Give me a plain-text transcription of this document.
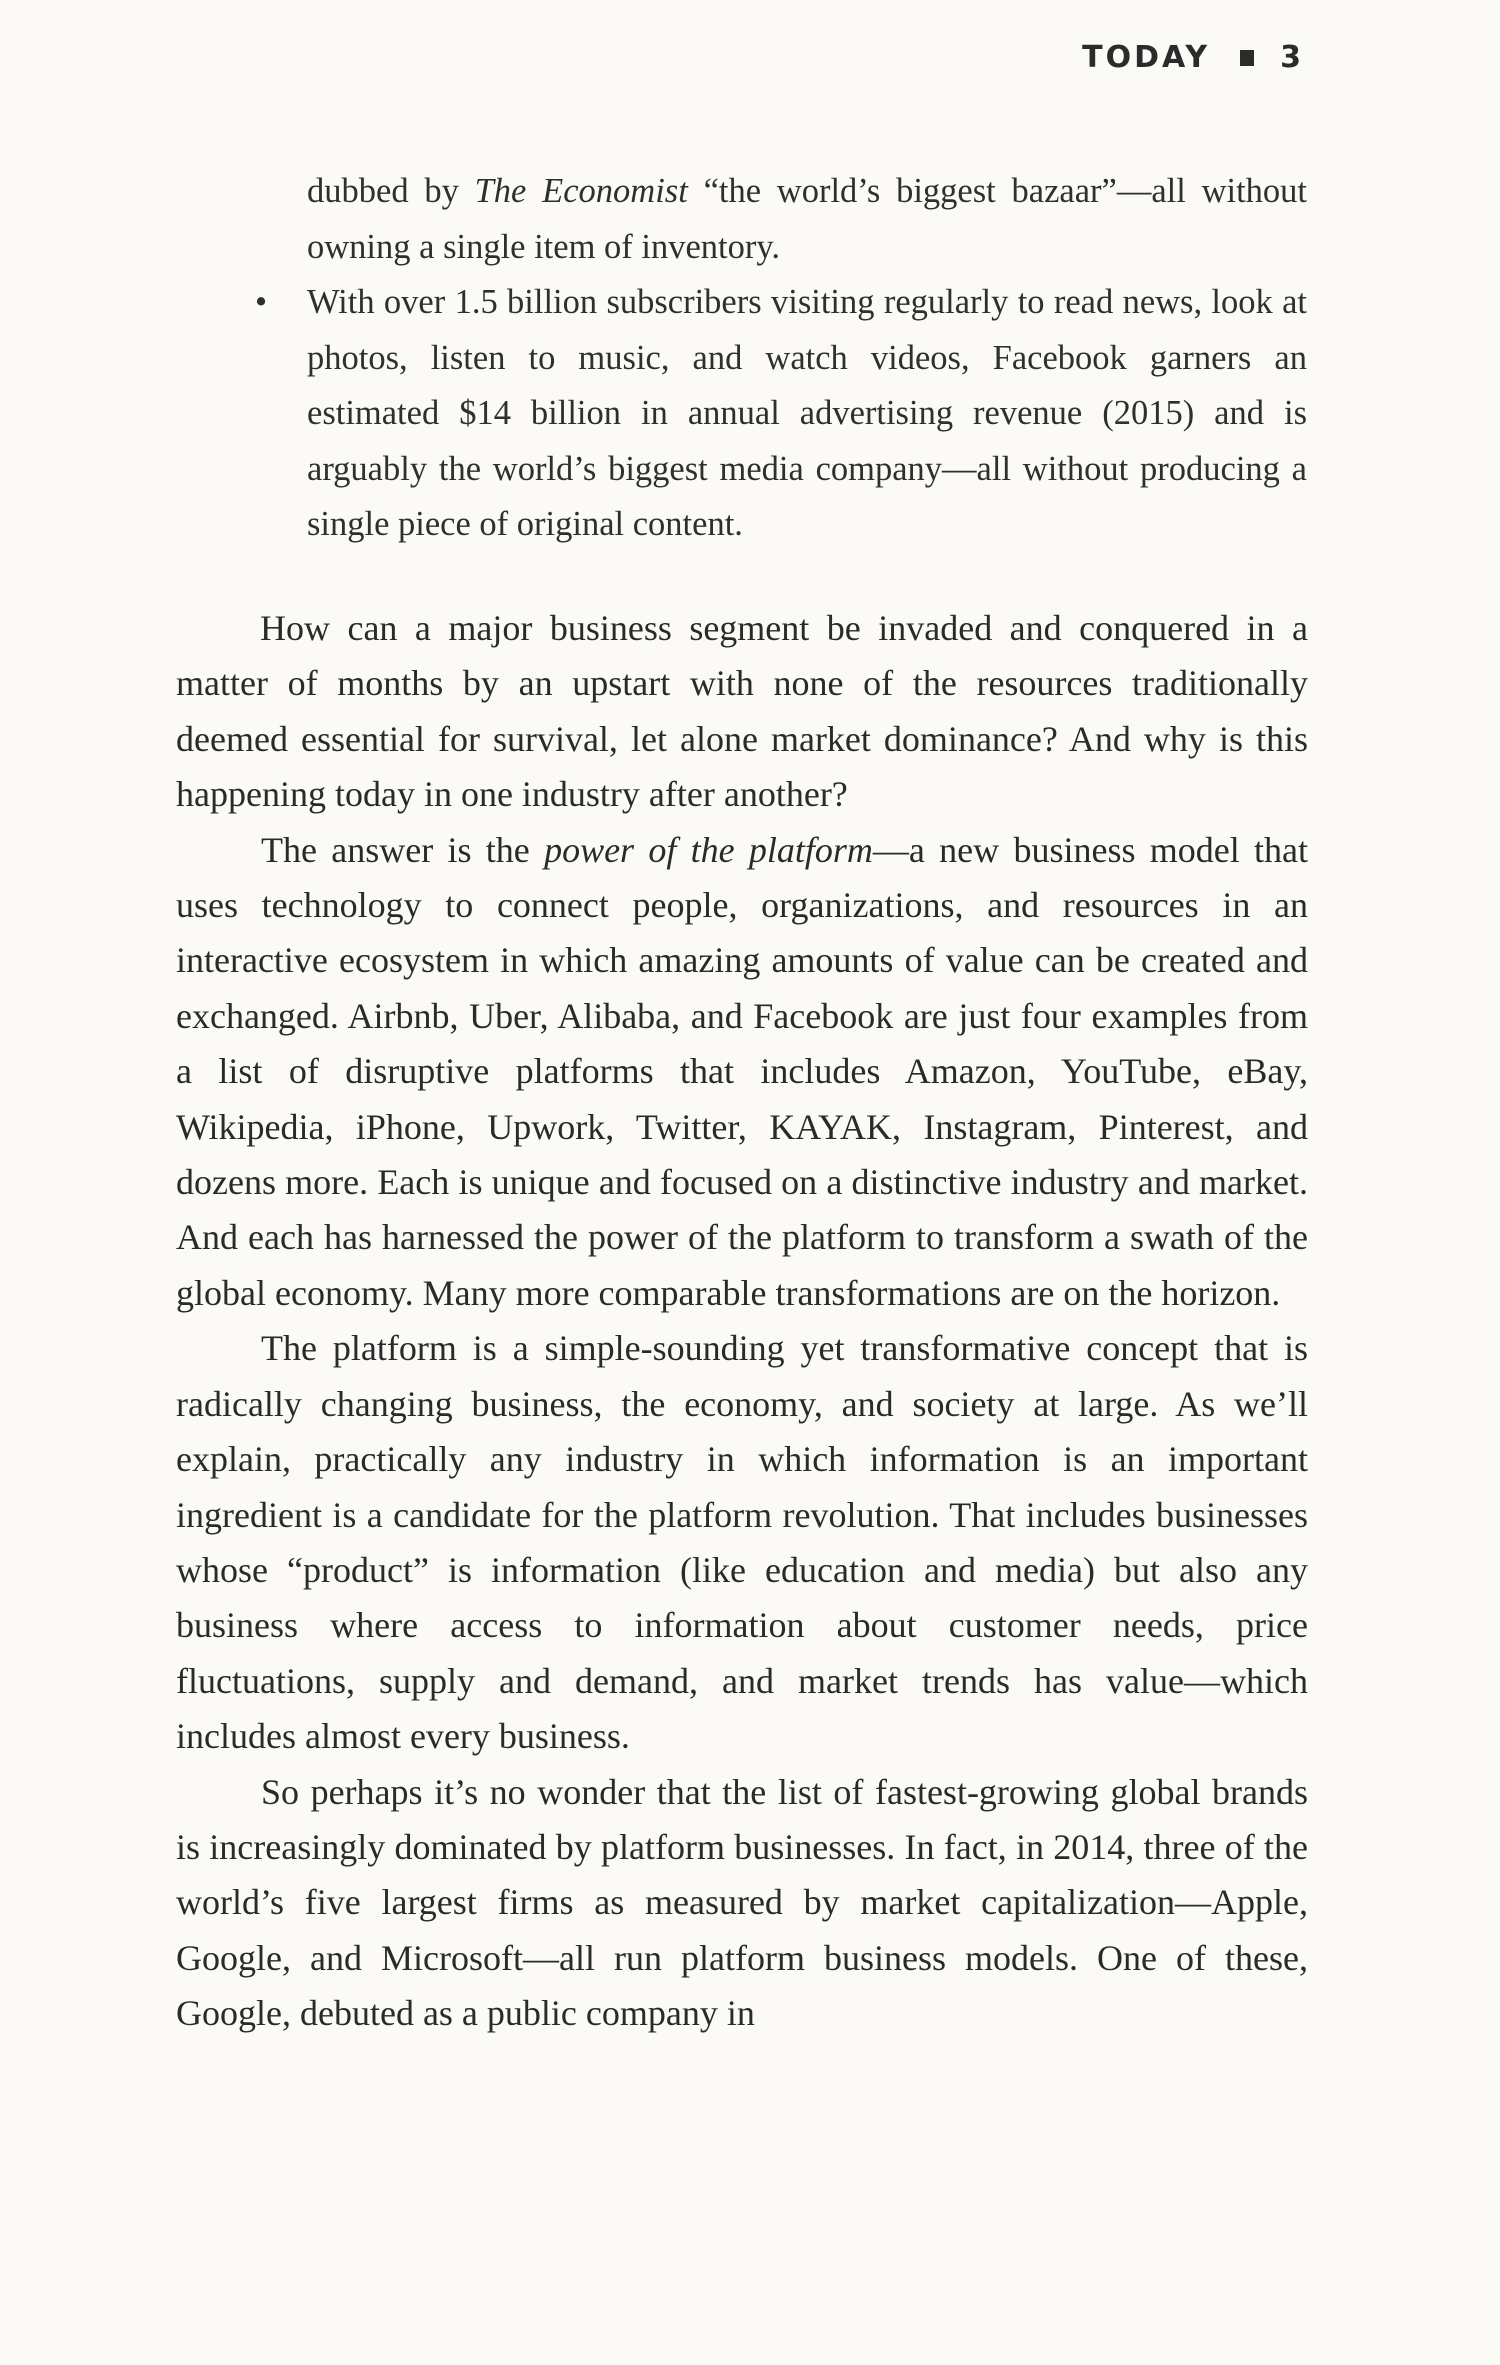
TODAY 3

dubbed by The Economist “the world’s biggest bazaar”—all without owning a single item of inventory.

•	With over 1.5 billion subscribers visiting regularly to read news, look at photos, listen to music, and watch videos, Facebook garners an estimated $14 billion in annual advertising revenue (2015) and is arguably the world’s biggest media company—all without producing a single piece of original content.

How can a major business segment be invaded and conquered in a matter of months by an upstart with none of the resources traditionally deemed essential for survival, let alone market dominance? And why is this happening today in one industry after another?

The answer is the power of the platform—a new business model that uses technology to connect people, organizations, and resources in an interactive ecosystem in which amazing amounts of value can be created and exchanged. Airbnb, Uber, Alibaba, and Facebook are just four examples from a list of disruptive platforms that includes Amazon, YouTube, eBay, Wikipedia, iPhone, Upwork, Twitter, KAYAK, Instagram, Pinterest, and dozens more. Each is unique and focused on a distinctive industry and market. And each has harnessed the power of the platform to transform a swath of the global economy. Many more comparable transformations are on the horizon.

The platform is a simple-sounding yet transformative concept that is radically changing business, the economy, and society at large. As we’ll explain, practically any industry in which information is an important ingredient is a candidate for the platform revolution. That includes businesses whose “product” is information (like education and media) but also any business where access to information about customer needs, price fluctuations, supply and demand, and market trends has value—which includes almost every business.

So perhaps it’s no wonder that the list of fastest-growing global brands is increasingly dominated by platform businesses. In fact, in 2014, three of the world’s five largest firms as measured by market capitalization—Apple, Google, and Microsoft—all run platform business models. One of these, Google, debuted as a public company in
